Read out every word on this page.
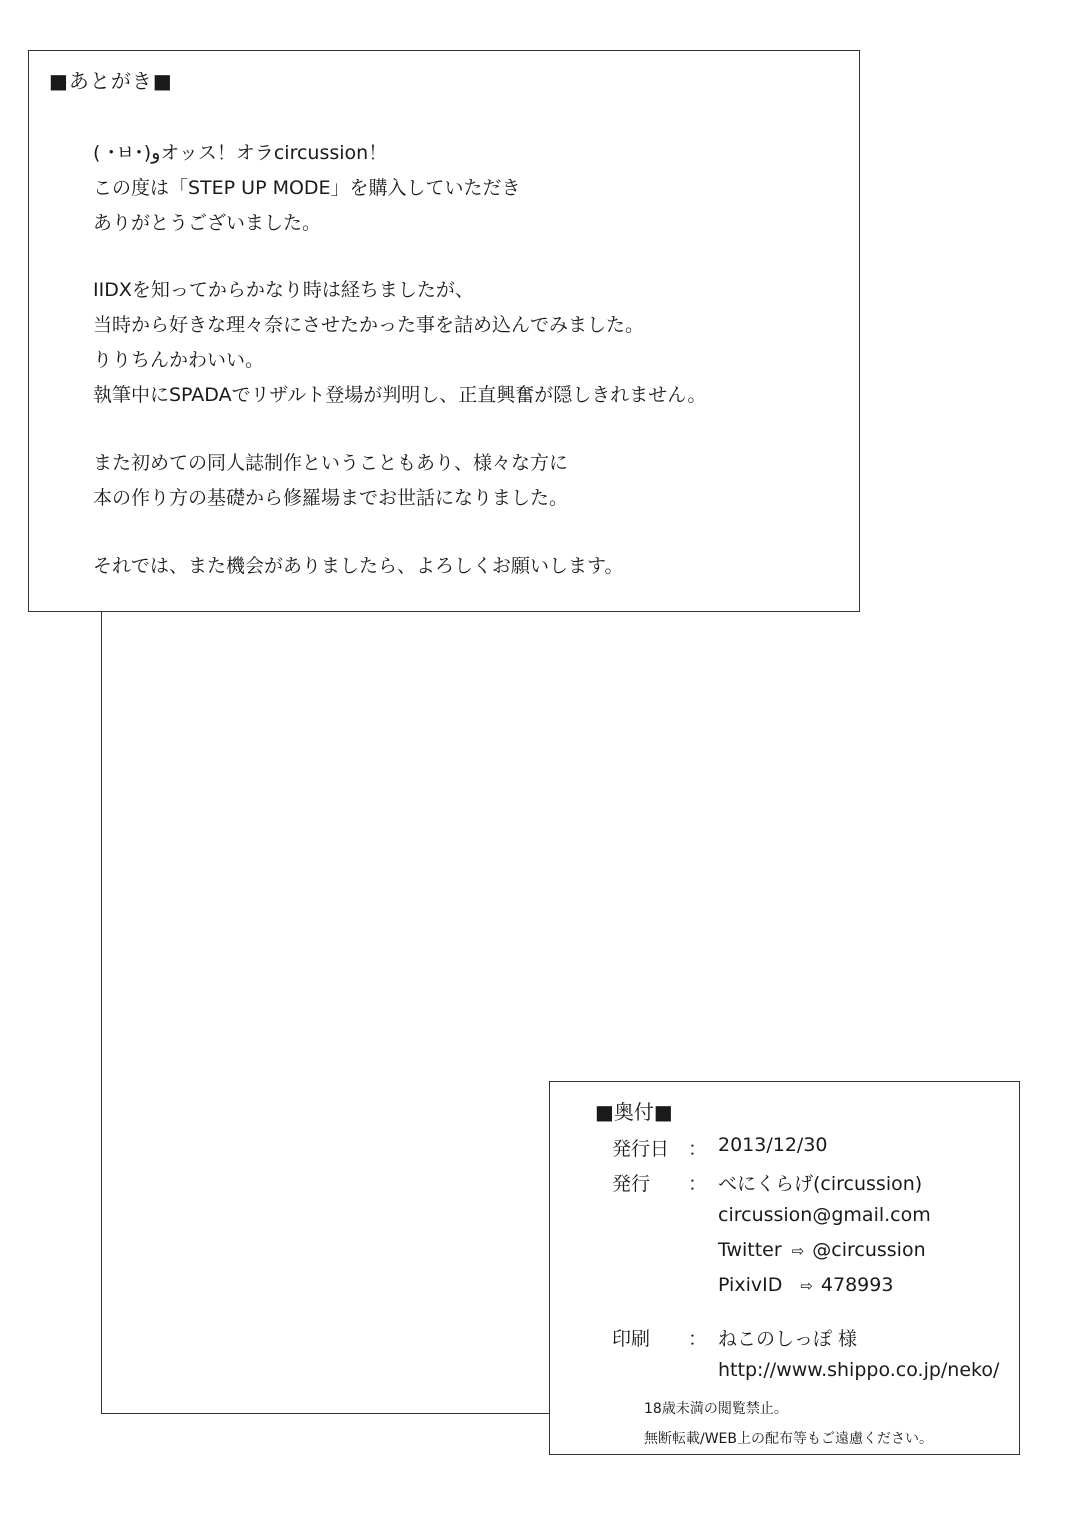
■あとがき■

( ･ㅂ･)وオッス！オラcircussion！
この度は「STEP UP MODE」を購入していただき
ありがとうございました。
IIDXを知ってからかなり時は経ちましたが、
当時から好きな理々奈にさせたかった事を詰め込んでみました。
りりちんかわいい。
執筆中にSPADAでリザルト登場が判明し、正直興奮が隠しきれません。
また初めての同人誌制作ということもあり、様々な方に
本の作り方の基礎から修羅場までお世話になりました。
それでは、また機会がありましたら、よろしくお願いします。
■奥付■
発行日 ： 2013/12/30
発行 ： べにくらげ(circussion)
circussion@gmail.com
Twitter ⇨ @circussion
PixivID ⇨ 478993
印刷 ： ねこのしっぽ 様
http://www.shippo.co.jp/neko/
18歳未満の閲覧禁止。
無断転載/WEB上の配布等もご遠慮ください。
